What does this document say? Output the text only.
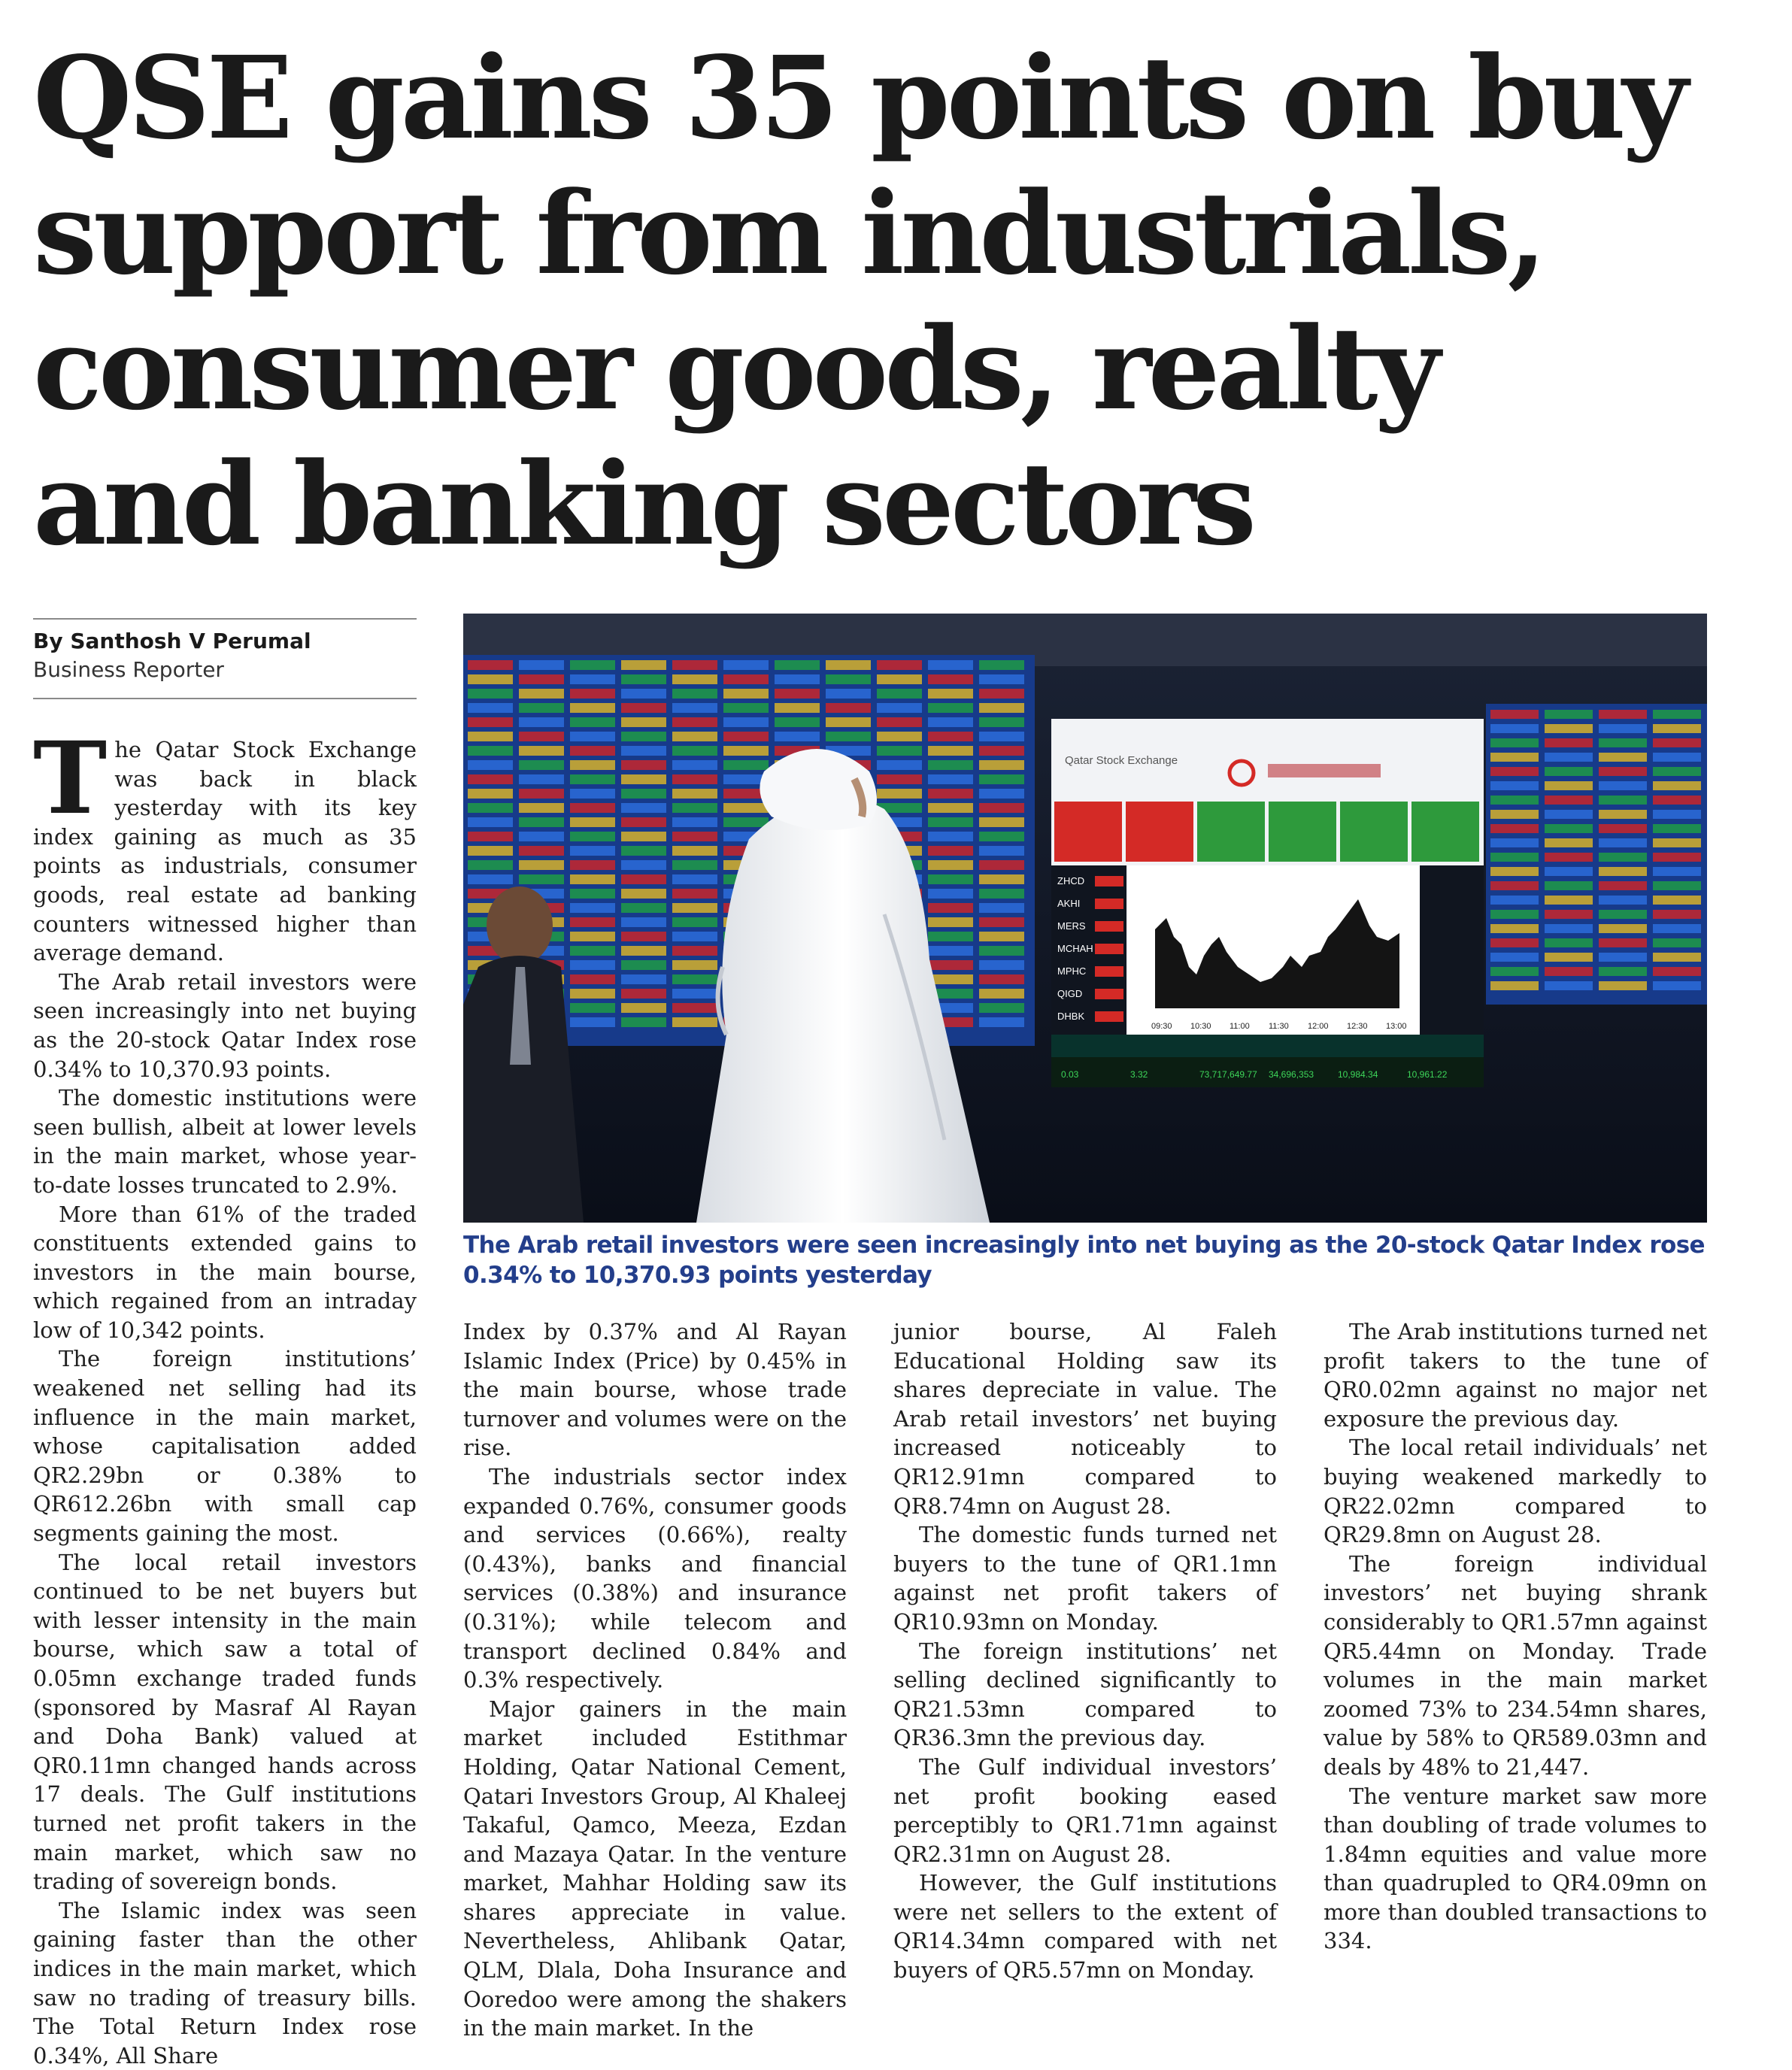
QSE gains 35 points on buy
support from industrials,
consumer goods, realty
and banking sectors
By Santhosh V Perumal
Business Reporter

The Qatar Stock Exchange was back in black yesterday with its key index gaining as much as 35 points as industrials, consumer goods, real estate ad banking counters witnessed higher than average demand.

The Arab retail investors were seen increasingly into net buying as the 20-stock Qatar Index rose 0.34% to 10,370.93 points.

The domestic institutions were seen bullish, albeit at lower levels in the main market, whose year-to-date losses truncated to 2.9%.

More than 61% of the traded constituents extended gains to investors in the main bourse, which regained from an intraday low of 10,342 points.

The foreign institutions’ weakened net selling had its influence in the main market, whose capitalisation added QR2.29bn or 0.38% to QR612.26bn with small cap segments gaining the most.

The local retail investors continued to be net buyers but with lesser intensity in the main bourse, which saw a total of 0.05mn exchange traded funds (sponsored by Masraf Al Rayan and Doha Bank) valued at QR0.11mn changed hands across 17 deals. The Gulf institutions turned net profit takers in the main market, which saw no trading of sovereign bonds.

The Islamic index was seen gaining faster than the other indices in the main market, which saw no trading of treasury bills. The Total Return Index rose 0.34%, All Share

Qatar Stock Exchange
ZHCD
AKHI
MERS
MCHAH
MPHC
QIGD
DHBK
09:30 10:30 11:00 11:30 12:00 12:30 13:00
0.03	3.32	73,717,649.77 34,696,353	10,984.34	10,961.22
The Arab retail investors were seen increasingly into net buying as the 20-stock Qatar Index rose 0.34% to 10,370.93 points yesterday

Index by 0.37% and Al Rayan Islamic Index (Price) by 0.45% in the main bourse, whose trade turnover and volumes were on the rise.

The industrials sector index expanded 0.76%, consumer goods and services (0.66%), realty (0.43%), banks and financial services (0.38%) and insurance (0.31%); while telecom and transport declined 0.84% and 0.3% respectively.

Major gainers in the main market included Estithmar Holding, Qatar National Cement, Qatari Investors Group, Al Khaleej Takaful, Qamco, Meeza, Ezdan and Mazaya Qatar. In the venture market, Mahhar Holding saw its shares appreciate in value. Nevertheless, Ahlibank Qatar, QLM, Dlala, Doha Insurance and Ooredoo were among the shakers in the main market. In the

junior bourse, Al Faleh Educational Holding saw its shares depreciate in value. The Arab retail investors’ net buying increased noticeably to QR12.91mn compared to QR8.74mn on August 28.

The domestic funds turned net buyers to the tune of QR1.1mn against net profit takers of QR10.93mn on Monday.

The foreign institutions’ net selling declined significantly to QR21.53mn compared to QR36.3mn the previous day.

The Gulf individual investors’ net profit booking eased perceptibly to QR1.71mn against QR2.31mn on August 28.

However, the Gulf institutions were net sellers to the extent of QR14.34mn compared with net buyers of QR5.57mn on Monday.

The Arab institutions turned net profit takers to the tune of QR0.02mn against no major net exposure the previous day.

The local retail individuals’ net buying weakened markedly to QR22.02mn compared to QR29.8mn on August 28.

The foreign individual investors’ net buying shrank considerably to QR1.57mn against QR5.44mn on Monday. Trade volumes in the main market zoomed 73% to 234.54mn shares, value by 58% to QR589.03mn and deals by 48% to 21,447.

The venture market saw more than doubling of trade volumes to 1.84mn equities and value more than quadrupled to QR4.09mn on more than doubled transactions to 334.
